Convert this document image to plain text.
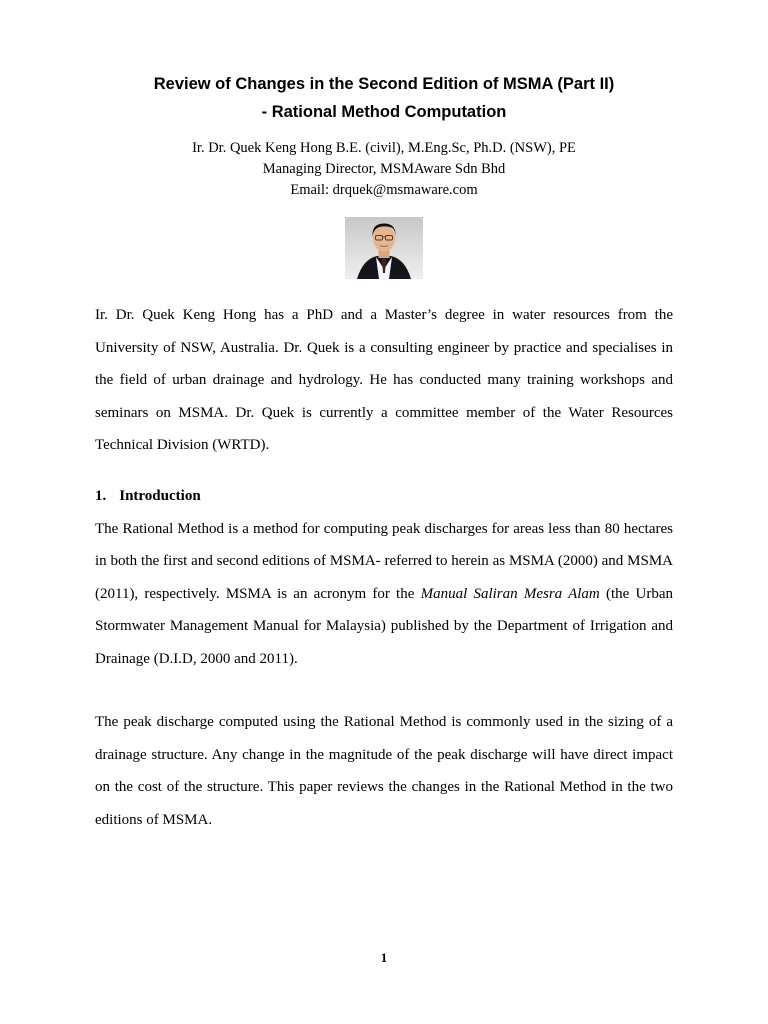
Review of Changes in the Second Edition of MSMA (Part II)
- Rational Method Computation
Ir. Dr. Quek Keng Hong B.E. (civil), M.Eng.Sc, Ph.D. (NSW), PE
Managing Director, MSMAware Sdn Bhd
Email: drquek@msmaware.com

Ir. Dr. Quek Keng Hong has a PhD and a Master’s degree in water resources from the University of NSW, Australia. Dr. Quek is a consulting engineer by practice and specialises in the field of urban drainage and hydrology. He has conducted many training workshops and seminars on MSMA. Dr. Quek is currently a committee member of the Water Resources Technical Division (WRTD).

1. Introduction

The Rational Method is a method for computing peak discharges for areas less than 80 hectares in both the first and second editions of MSMA- referred to herein as MSMA (2000) and MSMA (2011), respectively. MSMA is an acronym for the Manual Saliran Mesra Alam (the Urban Stormwater Management Manual for Malaysia) published by the Department of Irrigation and Drainage (D.I.D, 2000 and 2011).

The peak discharge computed using the Rational Method is commonly used in the sizing of a drainage structure. Any change in the magnitude of the peak discharge will have direct impact on the cost of the structure. This paper reviews the changes in the Rational Method in the two editions of MSMA.

1
